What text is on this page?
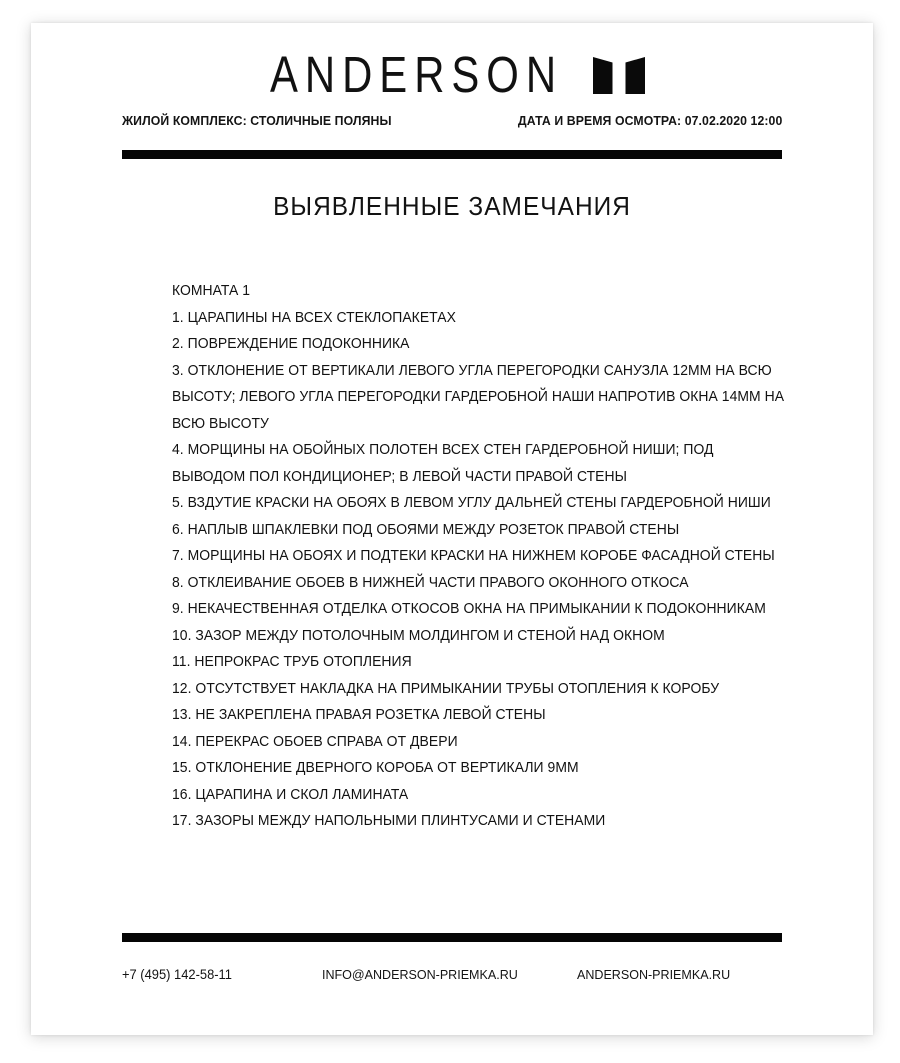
ANDERSON
ЖИЛОЙ КОМПЛЕКС: СТОЛИЧНЫЕ ПОЛЯНЫ	ДАТА И ВРЕМЯ ОСМОТРА: 07.02.2020 12:00
ВЫЯВЛЕННЫЕ ЗАМЕЧАНИЯ
КОМНАТА 1
1. ЦАРАПИНЫ НА ВСЕХ СТЕКЛОПАКЕТАХ
2. ПОВРЕЖДЕНИЕ ПОДОКОННИКА
3. ОТКЛОНЕНИЕ ОТ ВЕРТИКАЛИ ЛЕВОГО УГЛА ПЕРЕГОРОДКИ САНУЗЛА 12ММ НА ВСЮ ВЫСОТУ; ЛЕВОГО УГЛА ПЕРЕГОРОДКИ ГАРДЕРОБНОЙ НАШИ НАПРОТИВ ОКНА 14ММ НА ВСЮ ВЫСОТУ
4. МОРЩИНЫ НА ОБОЙНЫХ ПОЛОТЕН ВСЕХ СТЕН ГАРДЕРОБНОЙ НИШИ; ПОД ВЫВОДОМ ПОЛ КОНДИЦИОНЕР; В ЛЕВОЙ ЧАСТИ ПРАВОЙ СТЕНЫ
5. ВЗДУТИЕ КРАСКИ НА ОБОЯХ В ЛЕВОМ УГЛУ ДАЛЬНЕЙ СТЕНЫ ГАРДЕРОБНОЙ НИШИ
6. НАПЛЫВ ШПАКЛЕВКИ ПОД ОБОЯМИ МЕЖДУ РОЗЕТОК ПРАВОЙ СТЕНЫ
7. МОРЩИНЫ НА ОБОЯХ И ПОДТЕКИ КРАСКИ НА НИЖНЕМ КОРОБЕ ФАСАДНОЙ СТЕНЫ
8. ОТКЛЕИВАНИЕ ОБОЕВ В НИЖНЕЙ ЧАСТИ ПРАВОГО ОКОННОГО ОТКОСА
9. НЕКАЧЕСТВЕННАЯ ОТДЕЛКА ОТКОСОВ ОКНА НА ПРИМЫКАНИИ К ПОДОКОННИКАМ
10. ЗАЗОР МЕЖДУ ПОТОЛОЧНЫМ МОЛДИНГОМ И СТЕНОЙ НАД ОКНОМ
11. НЕПРОКРАС ТРУБ ОТОПЛЕНИЯ
12. ОТСУТСТВУЕТ НАКЛАДКА НА ПРИМЫКАНИИ ТРУБЫ ОТОПЛЕНИЯ К КОРОБУ
13. НЕ ЗАКРЕПЛЕНА ПРАВАЯ РОЗЕТКА ЛЕВОЙ СТЕНЫ
14. ПЕРЕКРАС ОБОЕВ СПРАВА ОТ ДВЕРИ
15. ОТКЛОНЕНИЕ ДВЕРНОГО КОРОБА ОТ ВЕРТИКАЛИ 9ММ
16. ЦАРАПИНА И СКОЛ ЛАМИНАТА
17. ЗАЗОРЫ МЕЖДУ НАПОЛЬНЫМИ ПЛИНТУСАМИ И СТЕНАМИ
+7 (495) 142-58-11	INFO@ANDERSON-PRIEMKA.RU	ANDERSON-PRIEMKA.RU
